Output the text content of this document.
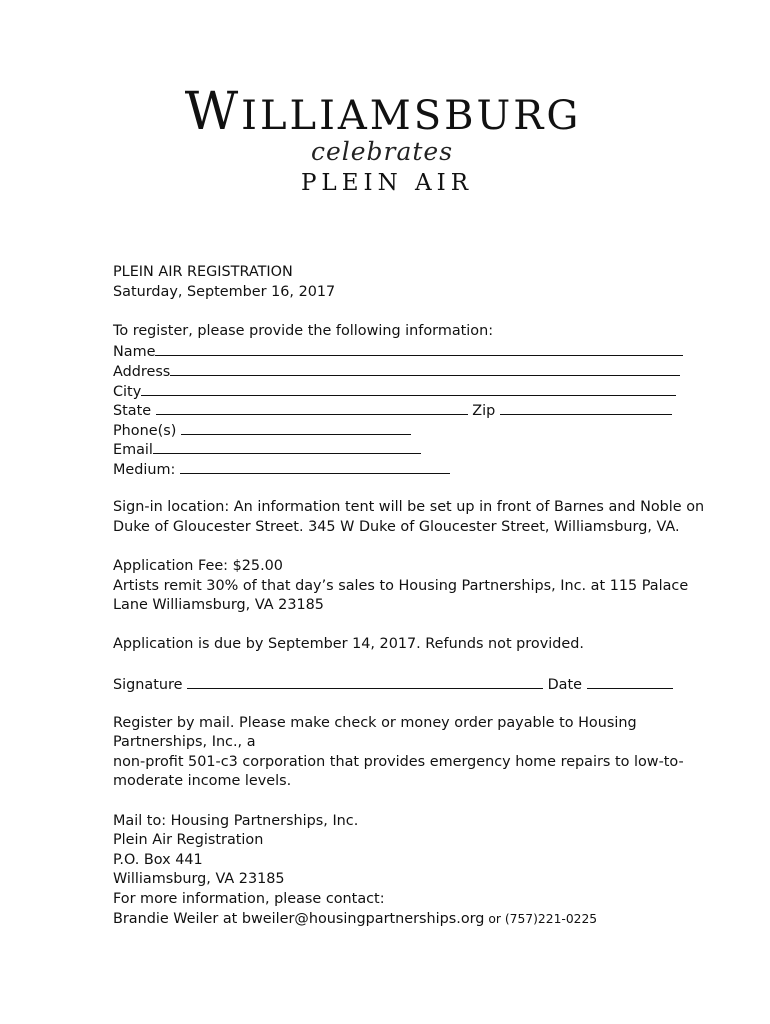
WILLIAMSBURG
celebrates
PLEIN AIR
PLEIN AIR REGISTRATION
Saturday, September 16, 2017
To register, please provide the following information:
Name
Address
City
State	Zip
Phone(s)
Email
Medium:
Sign-in location: An information tent will be set up in front of Barnes and Noble on
Duke of Gloucester Street. 345 W Duke of Gloucester Street, Williamsburg, VA.
Application Fee: $25.00
Artists remit 30% of that day’s sales to Housing Partnerships, Inc. at 115 Palace
Lane Williamsburg, VA 23185
Application is due by September 14, 2017. Refunds not provided.
Signature	Date
Register by mail. Please make check or money order payable to Housing
Partnerships, Inc., a
non-profit 501-c3 corporation that provides emergency home repairs to low-to-
moderate income levels.
Mail to: Housing Partnerships, Inc.
Plein Air Registration
P.O. Box 441
Williamsburg, VA 23185
For more information, please contact:
Brandie Weiler at bweiler@housingpartnerships.org or (757)221-0225
